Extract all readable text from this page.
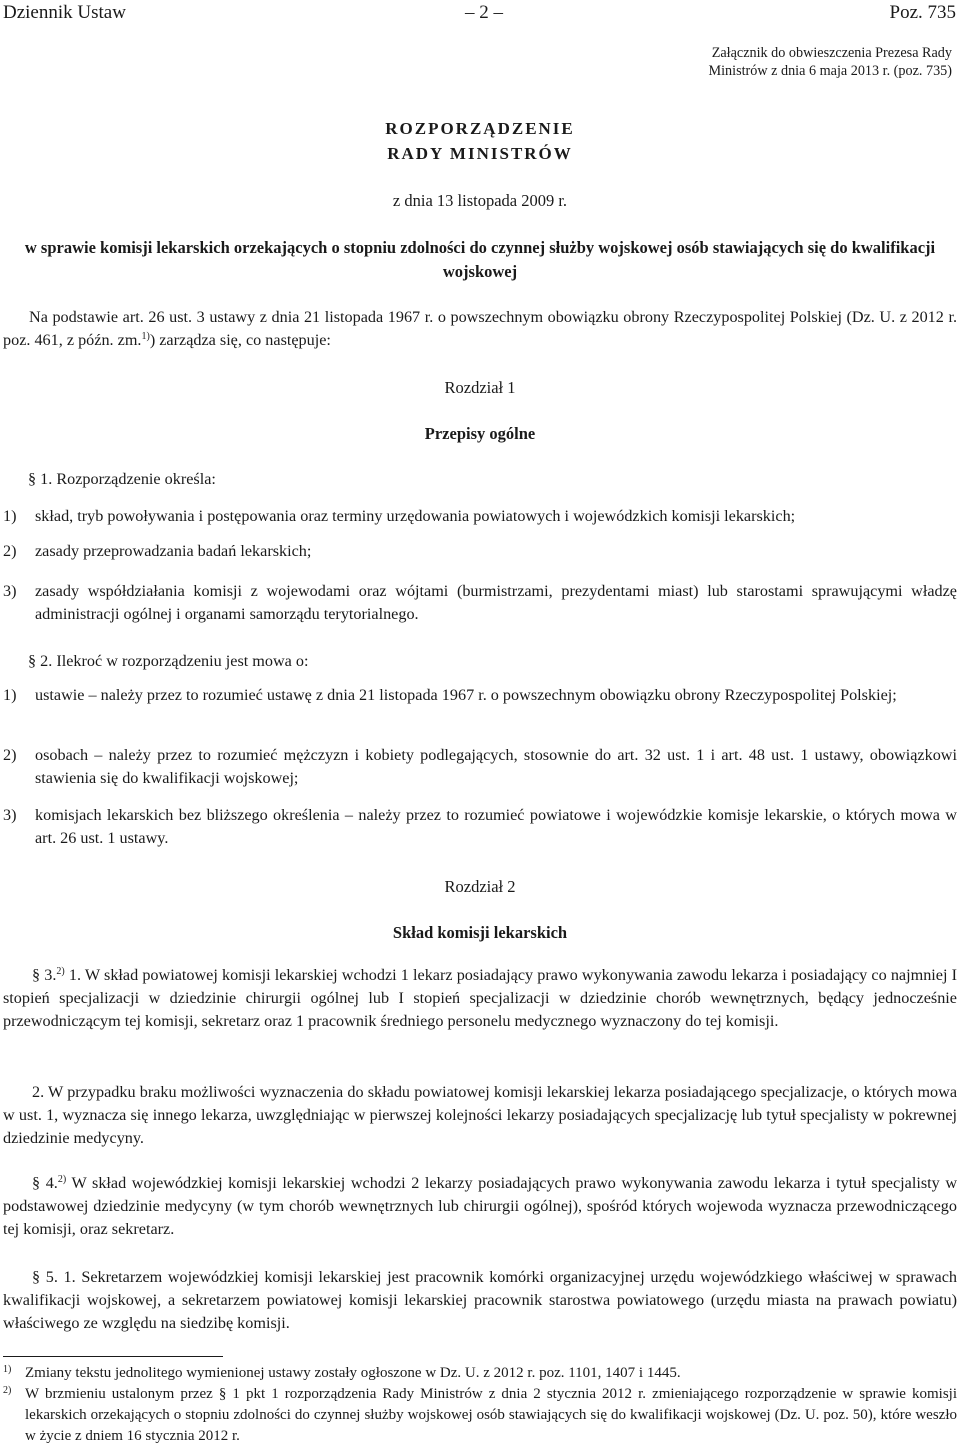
Dziennik Ustaw	– 2 –	Poz. 735
Załącznik do obwieszczenia Prezesa Rady
Ministrów z dnia 6 maja 2013 r. (poz. 735)
ROZPORZĄDZENIE
RADY MINISTRÓW
z dnia 13 listopada 2009 r.
w sprawie komisji lekarskich orzekających o stopniu zdolności do czynnej służby wojskowej osób stawiających się do kwalifikacji wojskowej
Na podstawie art. 26 ust. 3 ustawy z dnia 21 listopada 1967 r. o powszechnym obowiązku obrony Rzeczypospolitej Polskiej (Dz. U. z 2012 r. poz. 461, z późn. zm.$^{1)}$) zarządza się, co następuje:
Rozdział 1
Przepisy ogólne
§ 1. Rozporządzenie określa:
1) skład, tryb powoływania i postępowania oraz terminy urzędowania powiatowych i wojewódzkich komisji lekarskich;
2) zasady przeprowadzania badań lekarskich;
3) zasady współdziałania komisji z wojewodami oraz wójtami (burmistrzami, prezydentami miast) lub starostami sprawującymi władzę administracji ogólnej i organami samorządu terytorialnego.
§ 2. Ilekroć w rozporządzeniu jest mowa o:
1) ustawie – należy przez to rozumieć ustawę z dnia 21 listopada 1967 r. o powszechnym obowiązku obrony Rzeczypospolitej Polskiej;
2) osobach – należy przez to rozumieć mężczyzn i kobiety podlegających, stosownie do art. 32 ust. 1 i art. 48 ust. 1 ustawy, obowiązkowi stawienia się do kwalifikacji wojskowej;
3) komisjach lekarskich bez bliższego określenia – należy przez to rozumieć powiatowe i wojewódzkie komisje lekarskie, o których mowa w art. 26 ust. 1 ustawy.
Rozdział 2
Skład komisji lekarskich
§ 3.$^{2)}$ 1. W skład powiatowej komisji lekarskiej wchodzi 1 lekarz posiadający prawo wykonywania zawodu lekarza i posiadający co najmniej I stopień specjalizacji w dziedzinie chirurgii ogólnej lub I stopień specjalizacji w dziedzinie chorób wewnętrznych, będący jednocześnie przewodniczącym tej komisji, sekretarz oraz 1 pracownik średniego personelu medycznego wyznaczony do tej komisji.
2. W przypadku braku możliwości wyznaczenia do składu powiatowej komisji lekarskiej lekarza posiadającego specjalizacje, o których mowa w ust. 1, wyznacza się innego lekarza, uwzględniając w pierwszej kolejności lekarzy posiadających specjalizację lub tytuł specjalisty w pokrewnej dziedzinie medycyny.
§ 4.$^{2)}$ W skład wojewódzkiej komisji lekarskiej wchodzi 2 lekarzy posiadających prawo wykonywania zawodu lekarza i tytuł specjalisty w podstawowej dziedzinie medycyny (w tym chorób wewnętrznych lub chirurgii ogólnej), spośród których wojewoda wyznacza przewodniczącego tej komisji, oraz sekretarz.
§ 5. 1. Sekretarzem wojewódzkiej komisji lekarskiej jest pracownik komórki organizacyjnej urzędu wojewódzkiego właściwej w sprawach kwalifikacji wojskowej, a sekretarzem powiatowej komisji lekarskiej pracownik starostwa powiatowego (urzędu miasta na prawach powiatu) właściwego ze względu na siedzibę komisji.
1) Zmiany tekstu jednolitego wymienionej ustawy zostały ogłoszone w Dz. U. z 2012 r. poz. 1101, 1407 i 1445.
2) W brzmieniu ustalonym przez § 1 pkt 1 rozporządzenia Rady Ministrów z dnia 2 stycznia 2012 r. zmieniającego rozporządzenie w sprawie komisji lekarskich orzekających o stopniu zdolności do czynnej służby wojskowej osób stawiających się do kwalifikacji wojskowej (Dz. U. poz. 50), które weszło w życie z dniem 16 stycznia 2012 r.
